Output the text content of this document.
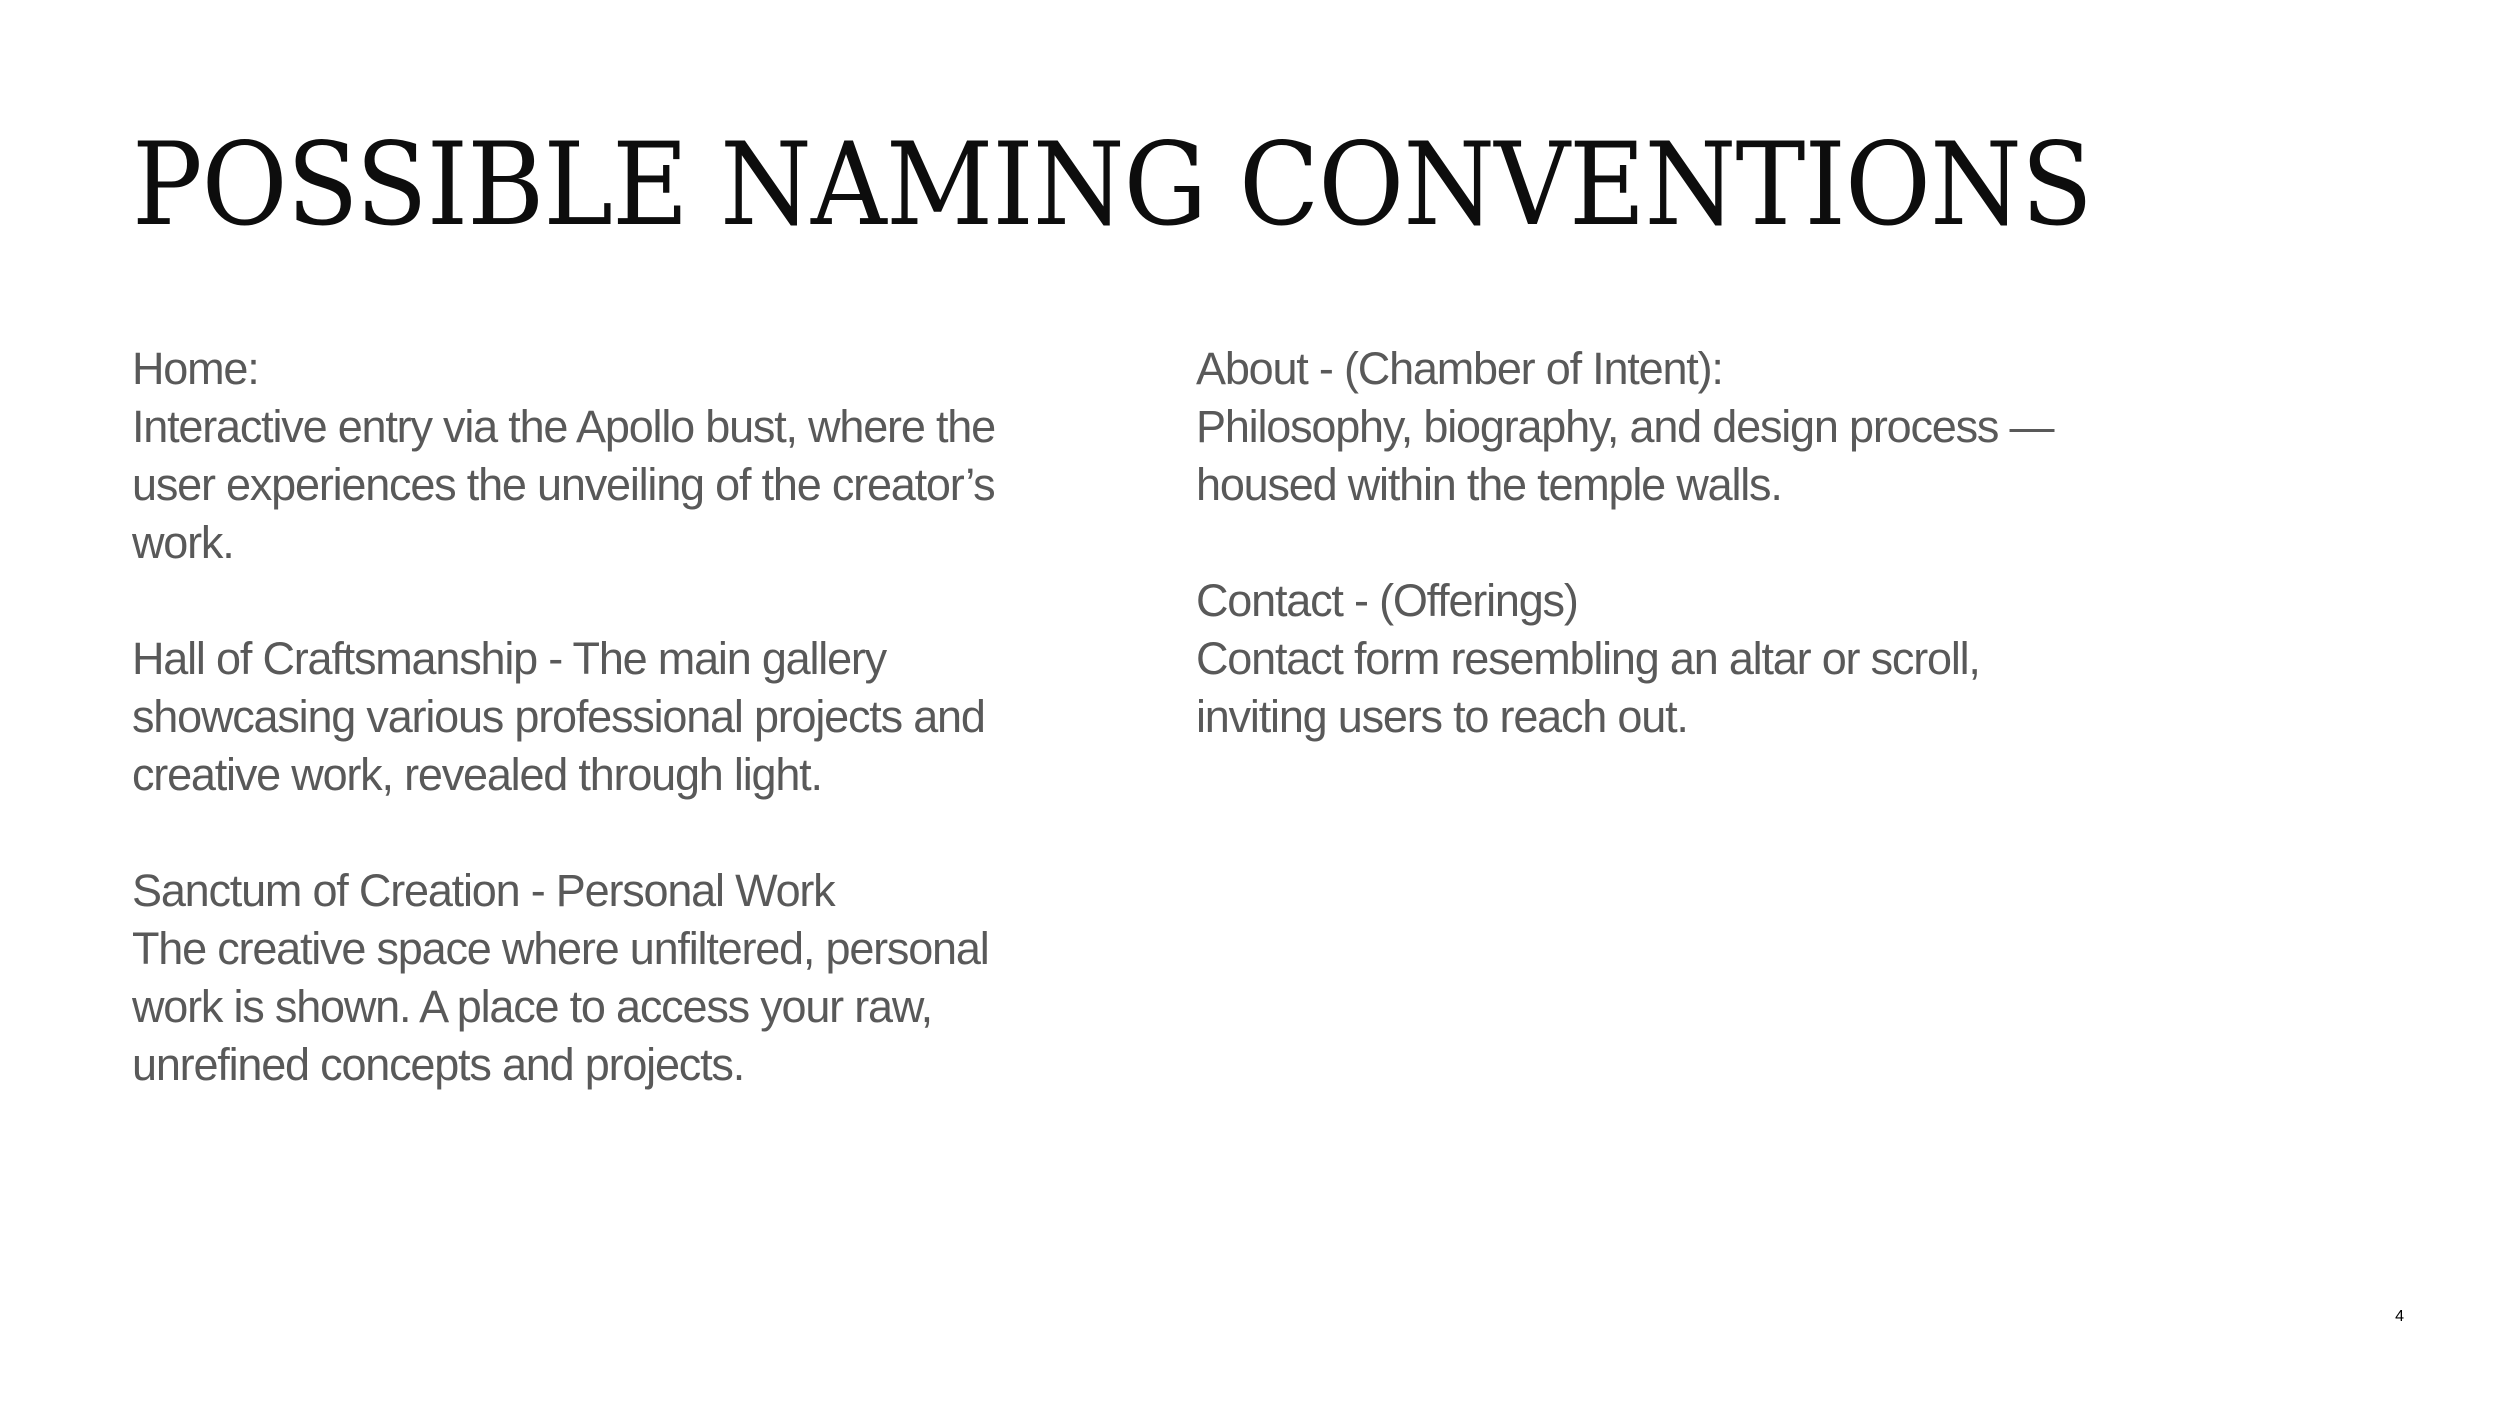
POSSIBLE NAMING CONVENTIONS

Home:

Interactive entry via the Apollo bust, where the
user experiences the unveiling of the creator’s
work.

Hall of Craftsmanship - The main gallery
showcasing various professional projects and
creative work, revealed through light.

Sanctum of Creation - Personal Work

The creative space where unfiltered, personal
work is shown. A place to access your raw,
unrefined concepts and projects.

About - (Chamber of Intent):

Philosophy, biography, and design process —
housed within the temple walls.

Contact - (Offerings)

Contact form resembling an altar or scroll,
inviting users to reach out.

4
